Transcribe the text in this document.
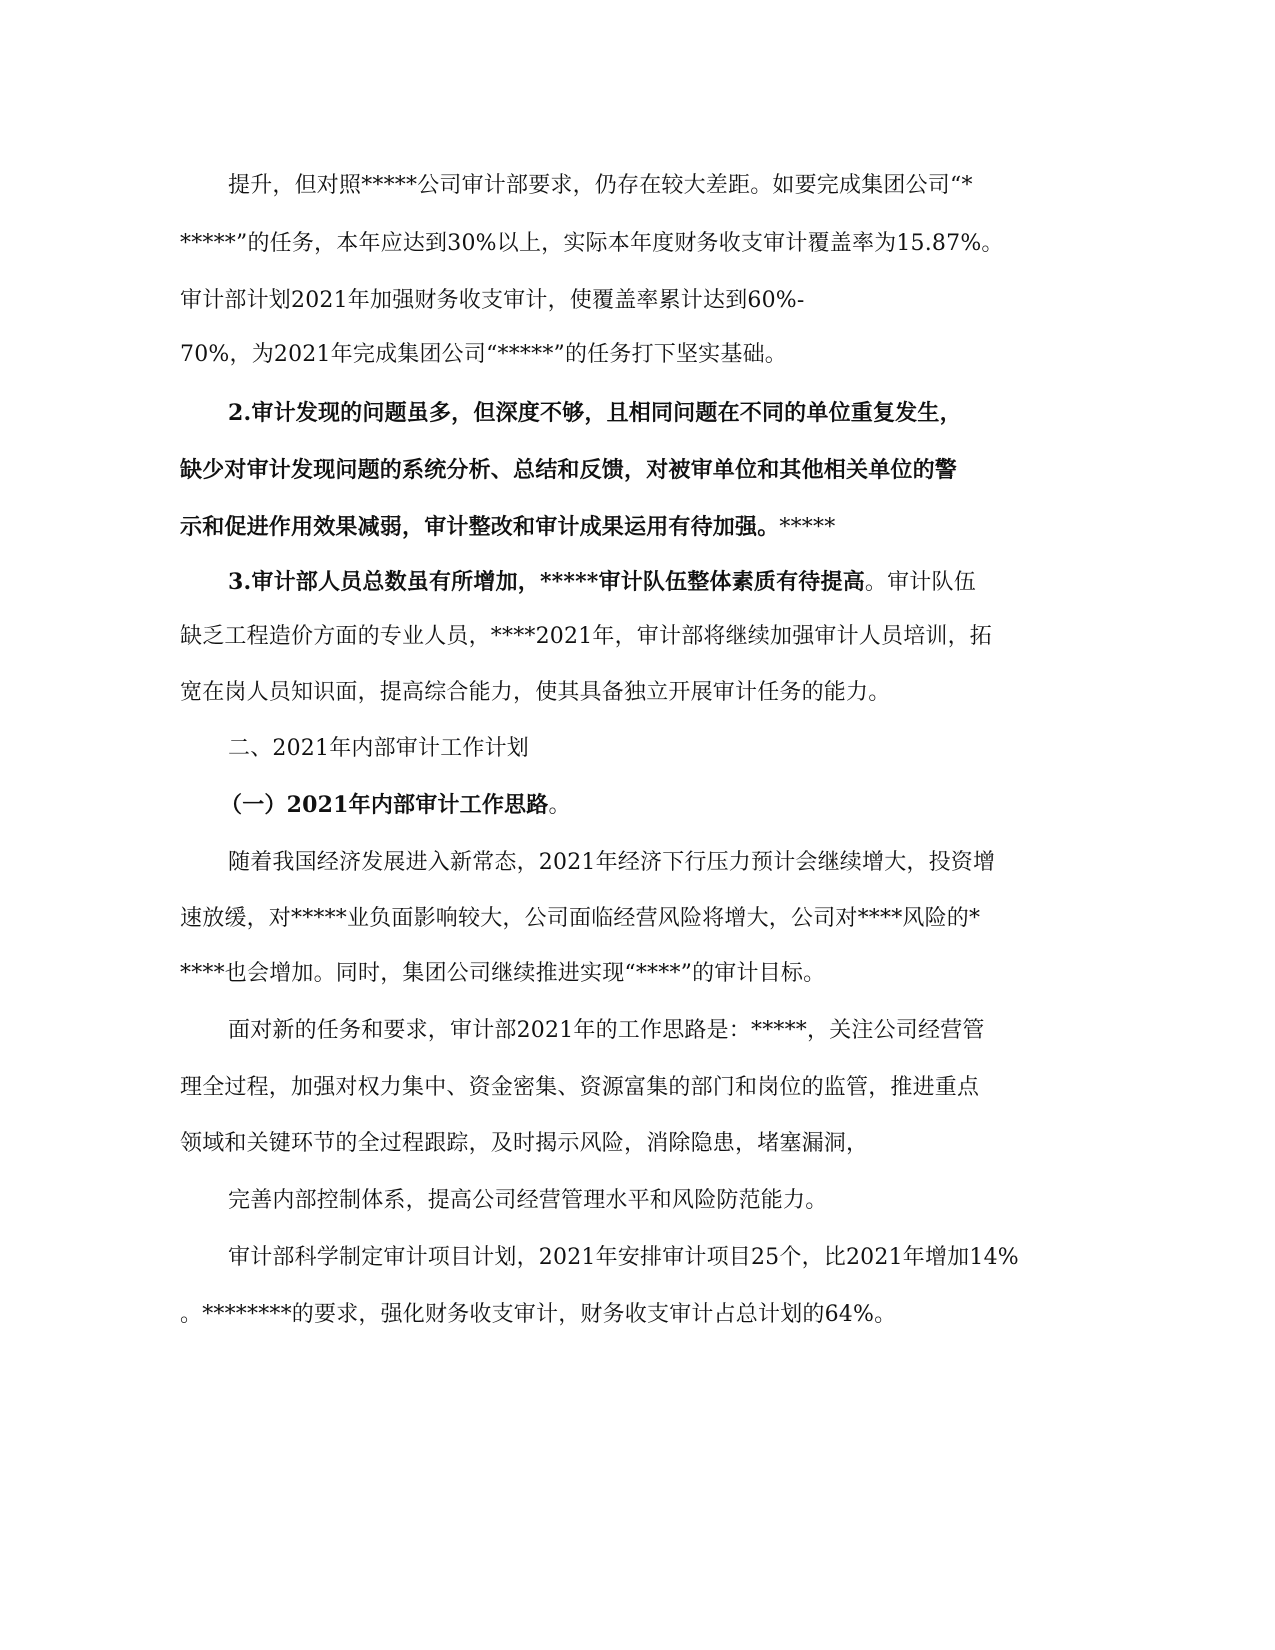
提升，但对照*****公司审计部要求，仍存在较大差距。如要完成集团公司“*
*****”的任务，本年应达到30%以上，实际本年度财务收支审计覆盖率为15.87%。
审计部计划2021年加强财务收支审计，使覆盖率累计达到60%-
70%，为2021年完成集团公司“*****”的任务打下坚实基础。
2.审计发现的问题虽多，但深度不够，且相同问题在不同的单位重复发生，
缺少对审计发现问题的系统分析、总结和反馈，对被审单位和其他相关单位的警
示和促进作用效果减弱，审计整改和审计成果运用有待加强。*****
3.审计部人员总数虽有所增加，*****审计队伍整体素质有待提高。审计队伍
缺乏工程造价方面的专业人员，****2021年，审计部将继续加强审计人员培训，拓
宽在岗人员知识面，提高综合能力，使其具备独立开展审计任务的能力。
二、2021年内部审计工作计划
（一）2021年内部审计工作思路。
随着我国经济发展进入新常态，2021年经济下行压力预计会继续增大，投资增
速放缓，对*****业负面影响较大，公司面临经营风险将增大，公司对****风险的*
****也会增加。同时，集团公司继续推进实现“****”的审计目标。
面对新的任务和要求，审计部2021年的工作思路是：*****，关注公司经营管
理全过程，加强对权力集中、资金密集、资源富集的部门和岗位的监管，推进重点
领域和关键环节的全过程跟踪，及时揭示风险，消除隐患，堵塞漏洞，
完善内部控制体系，提高公司经营管理水平和风险防范能力。
审计部科学制定审计项目计划，2021年安排审计项目25个，比2021年增加14%
。********的要求，强化财务收支审计，财务收支审计占总计划的64%。
